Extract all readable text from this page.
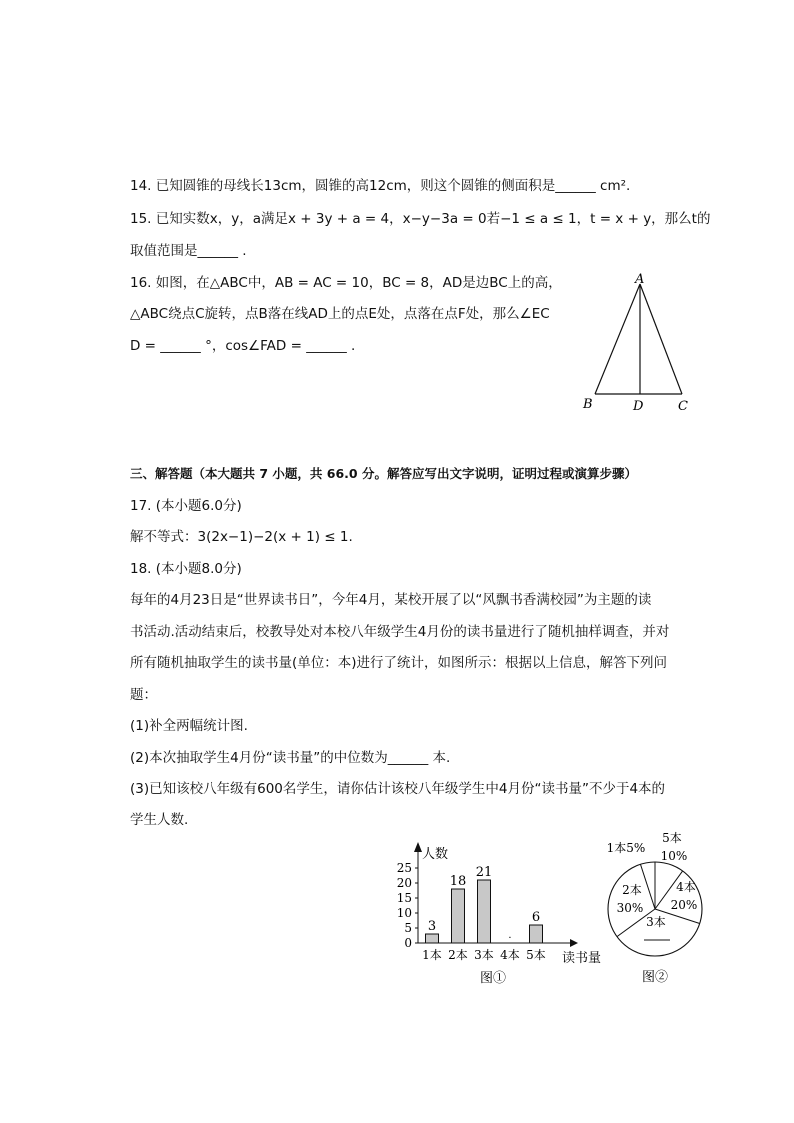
14. 已知圆锥的母线长13cm，圆锥的高12cm，则这个圆锥的侧面积是______ cm².
15. 已知实数x，y，a满足x + 3y + a = 4，x−y−3a = 0若−1 ≤ a ≤ 1，t = x + y，那么t的
取值范围是______ .
16. 如图，在△ABC中，AB = AC = 10，BC = 8，AD是边BC上的高，
△ABC绕点C旋转，点B落在线AD上的点E处，点落在点F处，那么∠EC
D = ______ °，cos∠FAD = ______ .
A
B	D	C
三、解答题（本大题共 7 小题，共 66.0 分。解答应写出文字说明，证明过程或演算步骤）
17. (本小题6.0分)
解不等式：3(2x−1)−2(x + 1) ≤ 1.
18. (本小题8.0分)
每年的4月23日是“世界读书日”，今年4月，某校开展了以“风飘书香满校园”为主题的读
书活动.活动结束后，校教导处对本校八年级学生4月份的读书量进行了随机抽样调查，并对
所有随机抽取学生的读书量(单位：本)进行了统计，如图所示：根据以上信息，解答下列问
题：
(1)补全两幅统计图.
(2)本次抽取学生4月份“读书量”的中位数为______ 本.
(3)已知该校八年级有600名学生，请你估计该校八年级学生中4月份“读书量”不少于4本的
学生人数.
0
5
10
15
20
25
人数
读书量
1本
3
2本
18
3本
21
4本
·
5本
6
图①
5本
10%
4本
20%
3本
2本
30%
1本5%
图②
